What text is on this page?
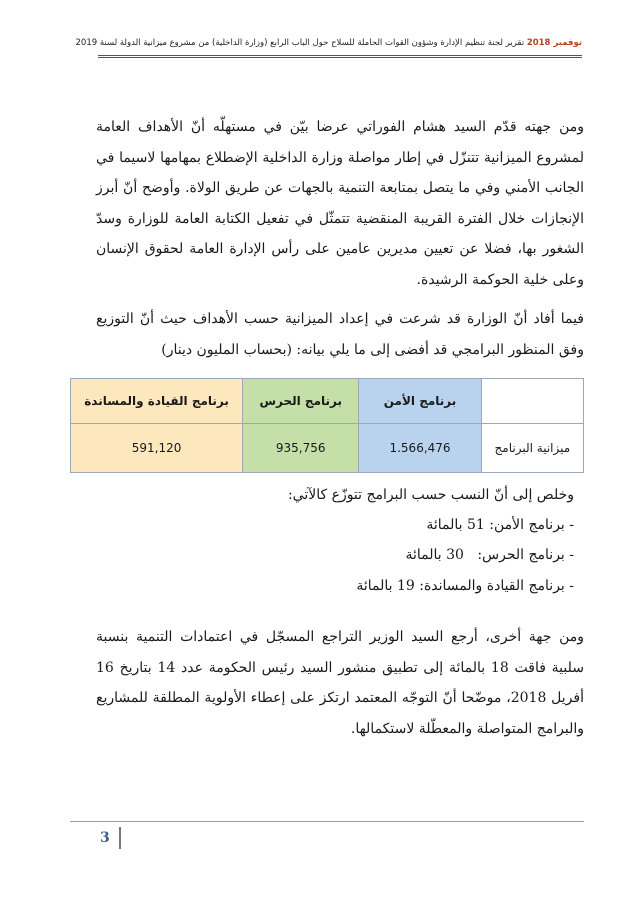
نوفمبر 2018 تقرير لجنة تنظيم الإدارة وشؤون القوات الحاملة للسلاح حول الباب الرابع (وزارة الداخلية) من مشروع ميزانية الدولة لسنة 2019

ومن جهته قدّم السيد هشام الفوراتي عرضا بيّن في مستهلّه أنّ الأهداف العامة لمشروع الميزانية تتنزّل في إطار مواصلة وزارة الداخلية الإضطلاع بمهامها لاسيما في الجانب الأمني وفي ما يتصل بمتابعة التنمية بالجهات عن طريق الولاة. وأوضح أنّ أبرز الإنجازات خلال الفترة القريبة المنقضية تتمثّل في تفعيل الكتابة العامة للوزارة وسدّ الشغور بها، فضلا عن تعيين مديرين عامين على رأس الإدارة العامة لحقوق الإنسان وعلى خلية الحوكمة الرشيدة.

فيما أفاد أنّ الوزارة قد شرعت في إعداد الميزانية حسب الأهداف حيث أنّ التوزيع وفق المنظور البرامجي قد أفضى إلى ما يلي بيانه: (بحساب المليون دينار)

	برنامج الأمن	برنامج الحرس	برنامج القيادة والمساندة
ميزانية البرنامج	1.566,476	935,756	591,120
وخلص إلى أنّ النسب حسب البرامج تتوزّع كالآتي:
- برنامج الأمن: 51 بالمائة
- برنامج الحرس:   30 بالمائة
- برنامج القيادة والمساندة: 19 بالمائة

ومن جهة أخرى، أرجع السيد الوزير التراجع المسجّل في اعتمادات التنمية بنسبة سلبية فاقت 18 بالمائة إلى تطبيق منشور السيد رئيس الحكومة عدد 14 بتاريخ 16 أفريل 2018، موضّحا أنّ التوجّه المعتمد ارتكز على إعطاء الأولوية المطلقة للمشاريع والبرامج المتواصلة والمعطّلة لاستكمالها.

3
